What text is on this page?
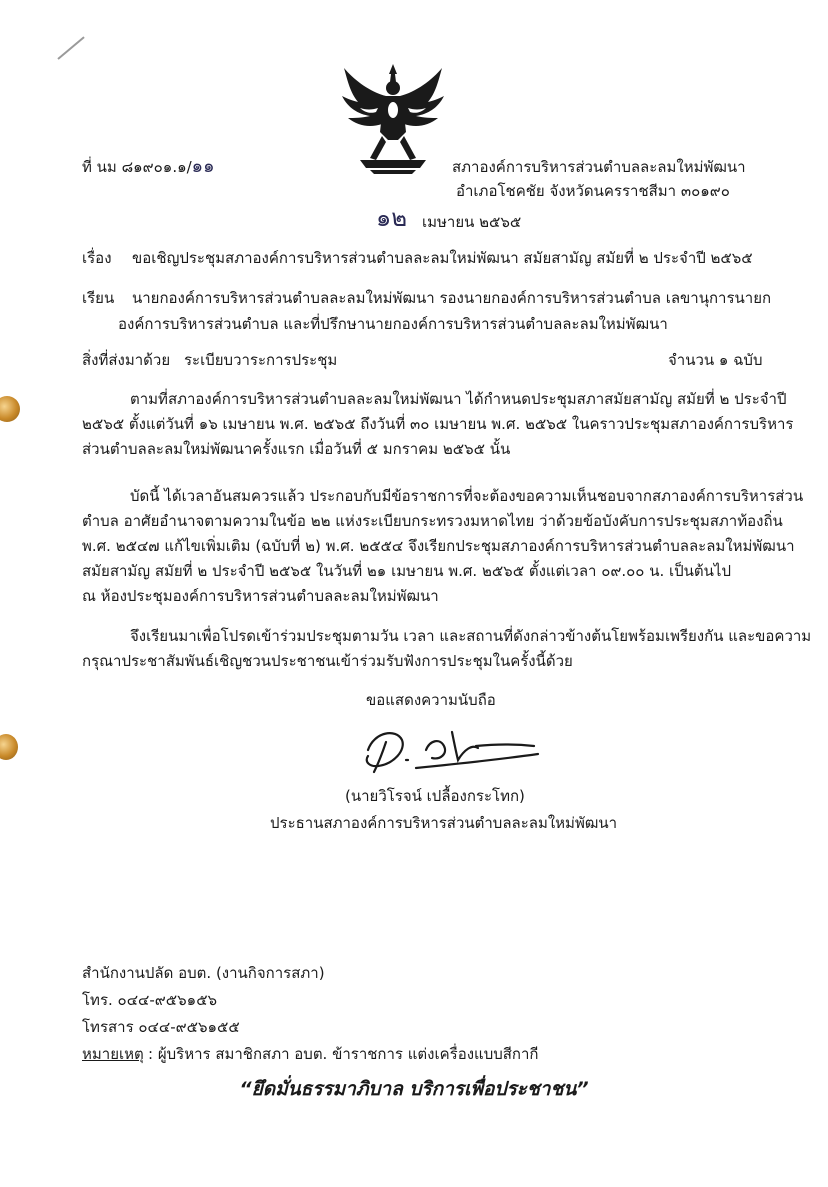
ที่ นม ๘๑๙๐๑.๑/๑๑	สภาองค์การบริหารส่วนตำบลละลมใหม่พัฒนา
อำเภอโชคชัย จังหวัดนครราชสีมา ๓๐๑๙๐
๑๒ เมษายน ๒๕๖๕
เรื่อง ขอเชิญประชุมสภาองค์การบริหารส่วนตำบลละลมใหม่พัฒนา สมัยสามัญ สมัยที่ ๒ ประจำปี ๒๕๖๕
เรียน นายกองค์การบริหารส่วนตำบลละลมใหม่พัฒนา รองนายกองค์การบริหารส่วนตำบล เลขานุการนายก
องค์การบริหารส่วนตำบล และที่ปรึกษานายกองค์การบริหารส่วนตำบลละลมใหม่พัฒนา
สิ่งที่ส่งมาด้วย ระเบียบวาระการประชุม	จำนวน ๑ ฉบับ
ตามที่สภาองค์การบริหารส่วนตำบลละลมใหม่พัฒนา ได้กำหนดประชุมสภาสมัยสามัญ สมัยที่ ๒ ประจำปี
๒๕๖๕ ตั้งแต่วันที่ ๑๖ เมษายน พ.ศ. ๒๕๖๕ ถึงวันที่ ๓๐ เมษายน พ.ศ. ๒๕๖๕ ในคราวประชุมสภาองค์การบริหาร
ส่วนตำบลละลมใหม่พัฒนาครั้งแรก เมื่อวันที่ ๕ มกราคม ๒๕๖๕ นั้น
บัดนี้ ได้เวลาอันสมควรแล้ว ประกอบกับมีข้อราชการที่จะต้องขอความเห็นชอบจากสภาองค์การบริหารส่วน
ตำบล อาศัยอำนาจตามความในข้อ ๒๒ แห่งระเบียบกระทรวงมหาดไทย ว่าด้วยข้อบังคับการประชุมสภาท้องถิ่น
พ.ศ. ๒๕๔๗ แก้ไขเพิ่มเติม (ฉบับที่ ๒) พ.ศ. ๒๕๕๔ จึงเรียกประชุมสภาองค์การบริหารส่วนตำบลละลมใหม่พัฒนา
สมัยสามัญ สมัยที่ ๒ ประจำปี ๒๕๖๕ ในวันที่ ๒๑ เมษายน พ.ศ. ๒๕๖๕ ตั้งแต่เวลา ๐๙.๐๐ น. เป็นต้นไป
ณ ห้องประชุมองค์การบริหารส่วนตำบลละลมใหม่พัฒนา
จึงเรียนมาเพื่อโปรดเข้าร่วมประชุมตามวัน เวลา และสถานที่ดังกล่าวข้างต้นโยพร้อมเพรียงกัน และขอความ
กรุณาประชาสัมพันธ์เชิญชวนประชาชนเข้าร่วมรับฟังการประชุมในครั้งนี้ด้วย
ขอแสดงความนับถือ
(นายวิโรจน์ เปลื้องกระโทก)
ประธานสภาองค์การบริหารส่วนตำบลละลมใหม่พัฒนา
สำนักงานปลัด อบต. (งานกิจการสภา)
โทร. ๐๔๔-๙๕๖๑๕๖
โทรสาร ๐๔๔-๙๕๖๑๕๕
หมายเหตุ : ผู้บริหาร สมาชิกสภา อบต. ข้าราชการ แต่งเครื่องแบบสีกากี
“ยึดมั่นธรรมาภิบาล บริการเพื่อประชาชน”
